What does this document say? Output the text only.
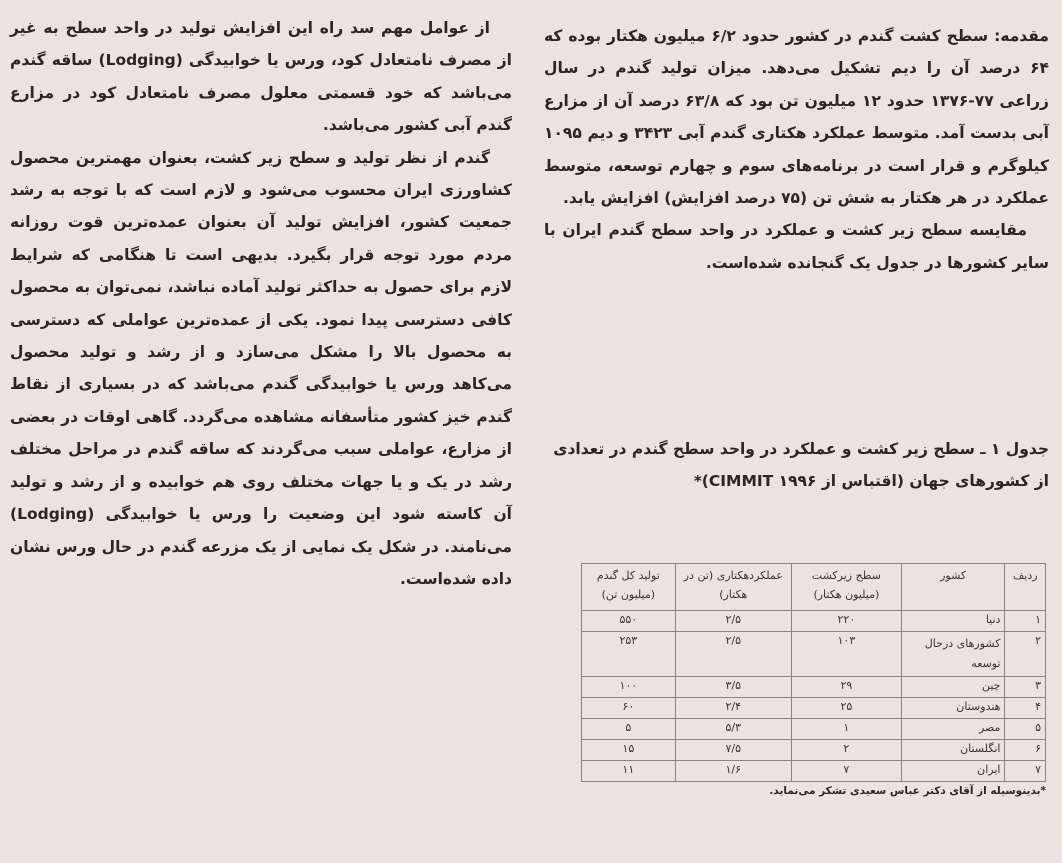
از عوامل مهم سد راه این افزایش تولید در واحد سطح به غیر از مصرف نامتعادل کود، ورس یا خوابیدگی (Lodging) ساقه گندم می‌باشد که خود قسمتی معلول مصرف نامتعادل کود در مزارع گندم آبی کشور می‌باشد.

گندم از نظر تولید و سطح زیر کشت، بعنوان مهمترین محصول کشاورزی ایران محسوب می‌شود و لازم است که با توجه به رشد جمعیت کشور، افزایش تولید آن بعنوان عمده‌ترین قوت روزانه مردم مورد توجه قرار بگیرد. بدیهی است تا هنگامی که شرایط لازم برای حصول به حداکثر تولید آماده نباشد، نمی‌توان به محصول کافی دسترسی پیدا نمود. یکی از عمده‌ترین عواملی که دسترسی به محصول بالا را مشکل می‌سازد و از رشد و تولید محصول می‌کاهد ورس یا خوابیدگی گندم می‌باشد که در بسیاری از نقاط گندم خیز کشور متأسفانه مشاهده می‌گردد. گاهی اوقات در بعضی از مزارع، عواملی سبب می‌گردند که ساقه گندم در مراحل مختلف رشد در یک و یا جهات مختلف روی هم خوابیده و از رشد و تولید آن کاسته شود این وضعیت را ورس یا خوابیدگی (Lodging) می‌نامند. در شکل یک نمایی از یک مزرعه گندم در حال ورس نشان داده شده‌است.

مقدمه: سطح کشت گندم در کشور حدود ۶/۲ میلیون هکتار بوده که ۶۴ درصد آن را دیم تشکیل می‌دهد. میزان تولید گندم در سال زراعی ۷۷-۱۳۷۶ حدود ۱۲ میلیون تن بود که ۶۳/۸ درصد آن از مزارع آبی بدست آمد. متوسط عملکرد هکتاری گندم آبی ۳۴۲۳ و دیم ۱۰۹۵ کیلوگرم و قرار است در برنامه‌های سوم و چهارم توسعه، متوسط عملکرد در هر هکتار به شش تن (۷۵ درصد افزایش) افزایش یابد.

مقایسه سطح زیر کشت و عملکرد در واحد سطح گندم ایران با سایر کشورها در جدول یک گنجانده شده‌است.

جدول ۱ ـ سطح زیر کشت و عملکرد در واحد سطح گندم در تعدادی از کشورهای جهان (اقتباس از CIMMIT ۱۹۹۶)*
ردیف	کشور	سطح زیرکشت (میلیون هکتار)	عملکردهکتاری (تن در هکتار)	تولید کل گندم (میلیون تن)
۱	دنیا	۲۲۰	۲/۵	۵۵۰
۲	کشورهای درحال توسعه	۱۰۳	۲/۵	۲۵۳
۳	چین	۲۹	۳/۵	۱۰۰
۴	هندوستان	۲۵	۲/۴	۶۰
۵	مصر	۱	۵/۳	۵
۶	انگلستان	۲	۷/۵	۱۵
۷	ایران	۷	۱/۶	۱۱
*بدینوسیله از آقای دکتر عباس سعیدی تشکر می‌نماید.
